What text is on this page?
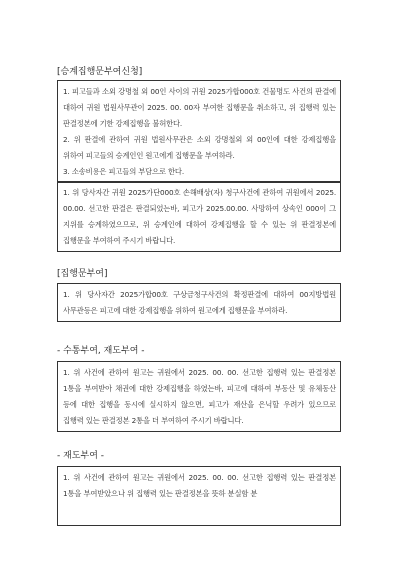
[승계집행문부여신청]

1. 피고들과 소외 강명철 외 00인 사이의 귀원 2025가합000호 건물명도 사건의 판결에 대하여 귀원 법원사무관이 2025. 00. 00자 부여한 집행문을 취소하고, 위 집행력 있는 판결정본에 기한 강제집행을 불허한다.

2. 위 판결에 관하여 귀원 법원사무관은 소외 강명철외 외 00인에 대한 강제집행을 위하여 피고들의 승계인인 원고에게 집행문을 부여하라.

3. 소송비용은 피고들의 부담으로 한다.

1. 위 당사자간 귀원 2025가단000호 손해배상(자) 청구사건에 관하여 귀원에서 2025. 00.00. 선고한 판결은 판결되었는바, 피고가 2025.00.00. 사망하여 상속인 000이 그 지위를 승계하였으므로, 위 승계인에 대하여 강제집행을 할 수 있는 위 판결정본에 집행문을 부여하여 주시기 바랍니다.

[집행문부여]

1. 위 당사자간 2025가합00호 구상금청구사건의 확정판결에 대하여 00지방법원 사무관등은 피고에 대한 강제집행을 위하여 원고에게 집행문을 부여하라.

- 수통부여, 재도부여 -

1. 위 사건에 관하여 원고는 귀원에서 2025. 00. 00. 선고한 집행력 있는 판결정본 1통을 부여받아 채권에 대한 강제집행을 하였는바, 피고에 대하여 부동산 및 유체동산 등에 대한 집행을 동시에 실시하지 않으면, 피고가 재산을 은닉할 우려가 있으므로 집행력 있는 판결정본 2통을 더 부여하여 주시기 바랍니다.

- 재도부여 -

1. 위 사건에 관하여 원고는 귀원에서 2025. 00. 00. 선고한 집행력 있는 판결정본 1통을 부여받았으나 위 집행력 있는 판결정본을 뜻하 분실함 분
